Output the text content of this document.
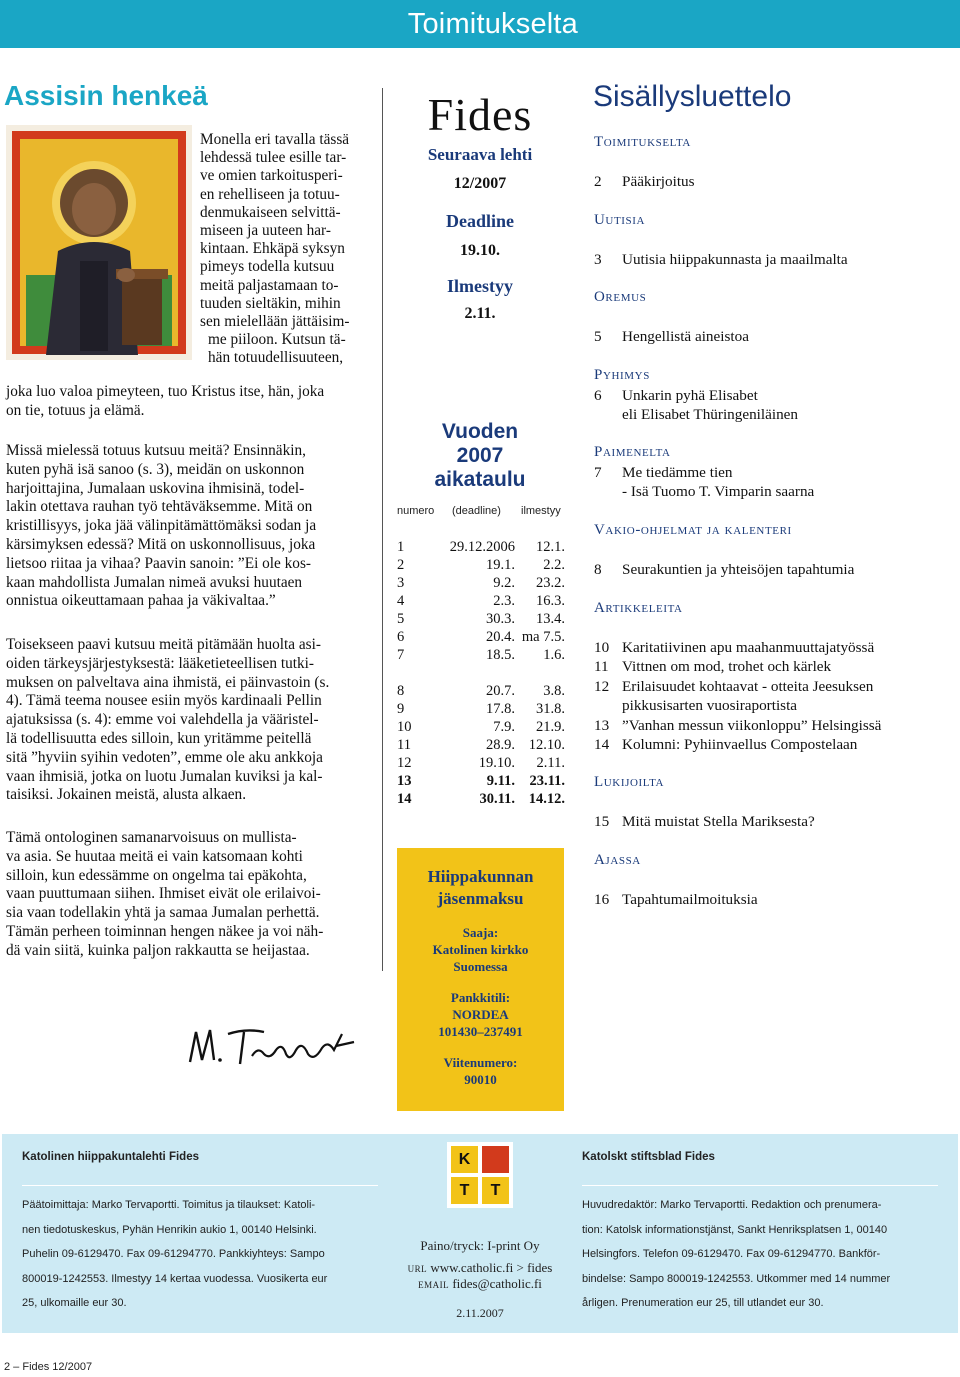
Toimitukselta
Assisin henkeä
Monella eri tavalla tässä
lehdessä tulee esille tar-
ve omien tarkoitusperi-
en rehelliseen ja totuu-
denmukaiseen selvittä-
miseen ja uuteen har-
kintaan. Ehkäpä syksyn
pimeys todella kutsuu
meitä paljastamaan to-
tuuden sieltäkin, mihin
sen mielellään jättäisim-
me piiloon. Kutsun tä-
hän totuudellisuuteen,
joka luo valoa pimeyteen, tuo Kristus itse, hän, joka
on tie, totuus ja elämä.
Missä mielessä totuus kutsuu meitä? Ensinnäkin,
kuten pyhä isä sanoo (s. 3), meidän on uskonnon
harjoittajina, Jumalaan uskovina ihmisinä, todel-
lakin otettava rauhan työ tehtäväksemme. Mitä on
kristillisyys, joka jää välinpitämättömäksi sodan ja
kärsimyksen edessä? Mitä on uskonnollisuus, joka
lietsoo riitaa ja vihaa? Paavin sanoin: ”Ei ole kos-
kaan mahdollista Jumalan nimeä avuksi huutaen
onnistua oikeuttamaan pahaa ja väkivaltaa.”
Toisekseen paavi kutsuu meitä pitämään huolta asi-
oiden tärkeysjärjestyksestä: lääketieteellisen tutki-
muksen on palveltava aina ihmistä, ei päinvastoin (s.
4). Tämä teema nousee esiin myös kardinaali Pellin
ajatuksissa (s. 4): emme voi valehdella ja vääristel-
lä todellisuutta edes silloin, kun yritämme peitellä
sitä ”hyviin syihin vedoten”, emme ole aku ankkoja
vaan ihmisiä, jotka on luotu Jumalan kuviksi ja kal-
taisiksi. Jokainen meistä, alusta alkaen.
Tämä ontologinen samanarvoisuus on mullista-
va asia. Se huutaa meitä ei vain katsomaan kohti
silloin, kun edessämme on ongelma tai epäkohta,
vaan puuttumaan siihen. Ihmiset eivät ole erilaivoi-
sia vaan todellakin yhtä ja samaa Jumalan perhettä.
Tämän perheen toiminnan hengen näkee ja voi näh-
dä vain siitä, kuinka paljon rakkautta se heijastaa.
Fides
Seuraava lehti
12/2007
Deadline
19.10.
Ilmestyy
2.11.
Vuoden
2007
aikataulu
numero (deadline) ilmestyy
1	29.12.2006 12.1.
2	19.1. 2.2.
3	9.2. 23.2.
4	2.3. 16.3.
5	30.3. 13.4.
6	20.4. ma 7.5.
7	18.5. 1.6.
8	20.7. 3.8.
9	17.8. 31.8.
10	7.9. 21.9.
11	28.9. 12.10.
12	19.10. 2.11.
13	9.11. 23.11.
14	30.11. 14.12.
Hiippakunnan
jäsenmaksu
Saaja:
Katolinen kirkko
Suomessa
Pankkitili:
NORDEA
101430–237491
Viitenumero:
90010
Sisällysluettelo
Toimitukselta
2 Pääkirjoitus
Uutisia
3 Uutisia hiippakunnasta ja maailmalta
Oremus
5 Hengellistä aineistoa
Pyhimys
6 Unkarin pyhä Elisabet
eli Elisabet Thüringeniläinen
Paimenelta
7 Me tiedämme tien
- Isä Tuomo T. Vimparin saarna
Vakio-ohjelmat ja kalenteri
8 Seurakuntien ja yhteisöjen tapahtumia
Artikkeleita
10 Karitatiivinen apu maahanmuuttajatyössä
11 Vittnen om mod, trohet och kärlek
12 Erilaisuudet kohtaavat - otteita Jeesuksen
pikkusisarten vuosiraportista
13 ”Vanhan messun viikonloppu” Helsingissä
14 Kolumni: Pyhiinvaellus Compostelaan
Lukijoilta
15 Mitä muistat Stella Mariksesta?
Ajassa
16 Tapahtumailmoituksia
Katolinen hiippakuntalehti Fides
Päätoimittaja: Marko Tervaportti. Toimitus ja tilaukset: Katoli-
nen tiedotuskeskus, Pyhän Henrikin aukio 1, 00140 Helsinki.
Puhelin 09-6129470. Fax 09-61294770. Pankkiyhteys: Sampo
800019-1242553. Ilmestyy 14 kertaa vuodessa. Vuosikerta eur
25, ulkomaille eur 30.
K
T	T
Paino/tryck: I-print Oy
url www.catholic.fi > fides
email fides@catholic.fi
2.11.2007
Katolskt stiftsblad Fides
Huvudredaktör: Marko Tervaportti. Redaktion och prenumera-
tion: Katolsk informationstjänst, Sankt Henriksplatsen 1, 00140
Helsingfors. Telefon 09-6129470. Fax 09-61294770. Bankför-
bindelse: Sampo 800019-1242553. Utkommer med 14 nummer
årligen. Prenumeration eur 25, till utlandet eur 30.
2 – Fides 12/2007
